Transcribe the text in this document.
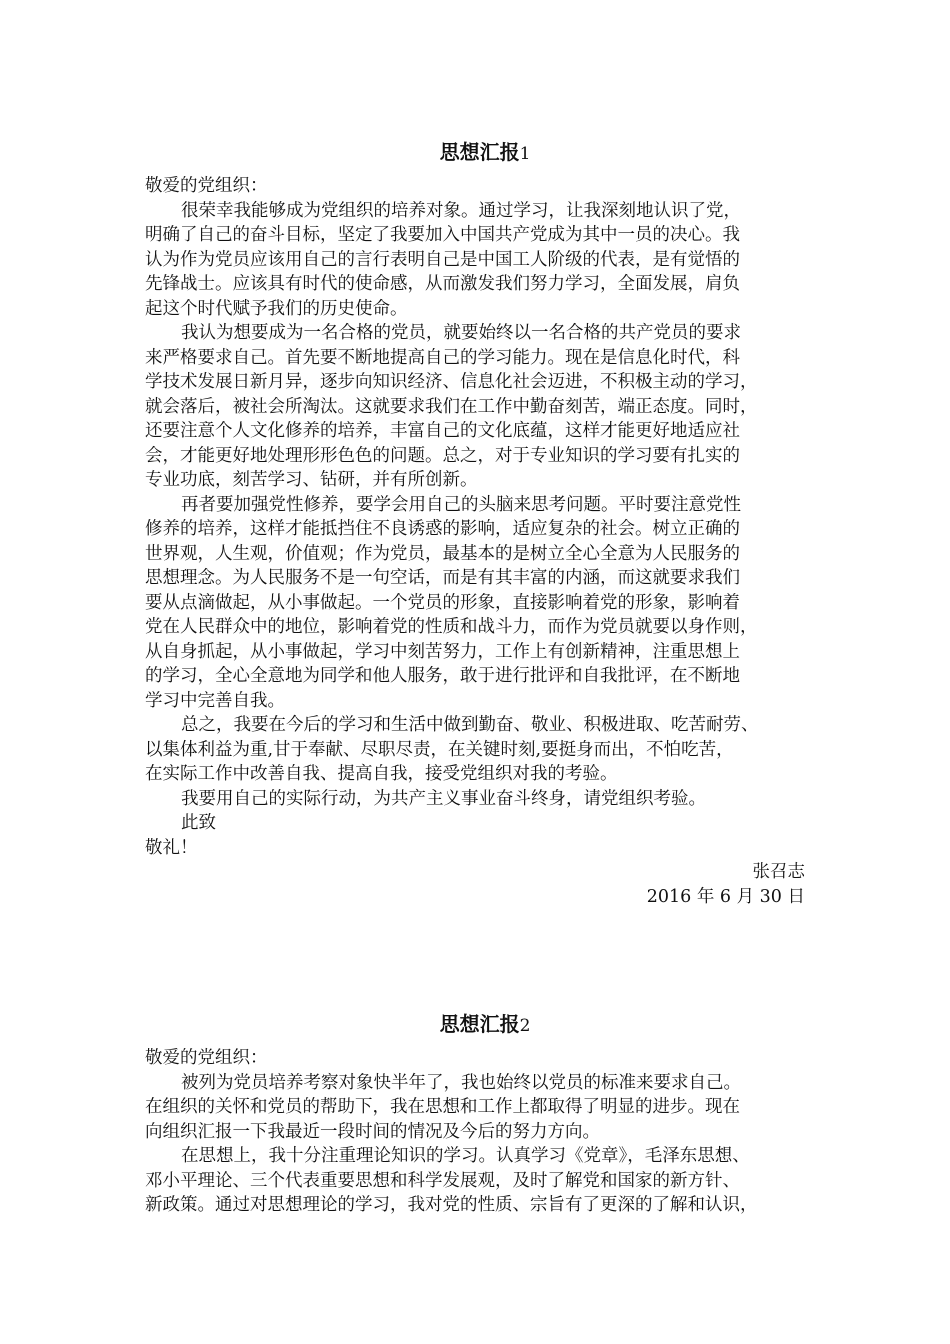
思想汇报1
敬爱的党组织：
很荣幸我能够成为党组织的培养对象。通过学习，让我深刻地认识了党，
明确了自己的奋斗目标，坚定了我要加入中国共产党成为其中一员的决心。我
认为作为党员应该用自己的言行表明自己是中国工人阶级的代表，是有觉悟的
先锋战士。应该具有时代的使命感，从而激发我们努力学习，全面发展，肩负
起这个时代赋予我们的历史使命。
我认为想要成为一名合格的党员，就要始终以一名合格的共产党员的要求
来严格要求自己。首先要不断地提高自己的学习能力。现在是信息化时代，科
学技术发展日新月异，逐步向知识经济、信息化社会迈进，不积极主动的学习，
就会落后，被社会所淘汰。这就要求我们在工作中勤奋刻苦，端正态度。同时，
还要注意个人文化修养的培养，丰富自己的文化底蕴，这样才能更好地适应社
会，才能更好地处理形形色色的问题。总之，对于专业知识的学习要有扎实的
专业功底，刻苦学习、钻研，并有所创新。
再者要加强党性修养，要学会用自己的头脑来思考问题。平时要注意党性
修养的培养，这样才能抵挡住不良诱惑的影响，适应复杂的社会。树立正确的
世界观，人生观，价值观；作为党员，最基本的是树立全心全意为人民服务的
思想理念。为人民服务不是一句空话，而是有其丰富的内涵，而这就要求我们
要从点滴做起，从小事做起。一个党员的形象，直接影响着党的形象，影响着
党在人民群众中的地位，影响着党的性质和战斗力，而作为党员就要以身作则，
从自身抓起，从小事做起，学习中刻苦努力，工作上有创新精神，注重思想上
的学习，全心全意地为同学和他人服务，敢于进行批评和自我批评，在不断地
学习中完善自我。
总之，我要在今后的学习和生活中做到勤奋、敬业、积极进取、吃苦耐劳、
以集体利益为重,甘于奉献、尽职尽责，在关键时刻,要挺身而出，不怕吃苦，
在实际工作中改善自我、提高自我，接受党组织对我的考验。
我要用自己的实际行动，为共产主义事业奋斗终身，请党组织考验。
此致
敬礼！
张召志
2016 年 6 月 30 日
思想汇报2
敬爱的党组织：
被列为党员培养考察对象快半年了，我也始终以党员的标准来要求自己。
在组织的关怀和党员的帮助下，我在思想和工作上都取得了明显的进步。现在
向组织汇报一下我最近一段时间的情况及今后的努力方向。
在思想上，我十分注重理论知识的学习。认真学习《党章》，毛泽东思想、
邓小平理论、三个代表重要思想和科学发展观，及时了解党和国家的新方针、
新政策。通过对思想理论的学习，我对党的性质、宗旨有了更深的了解和认识，
